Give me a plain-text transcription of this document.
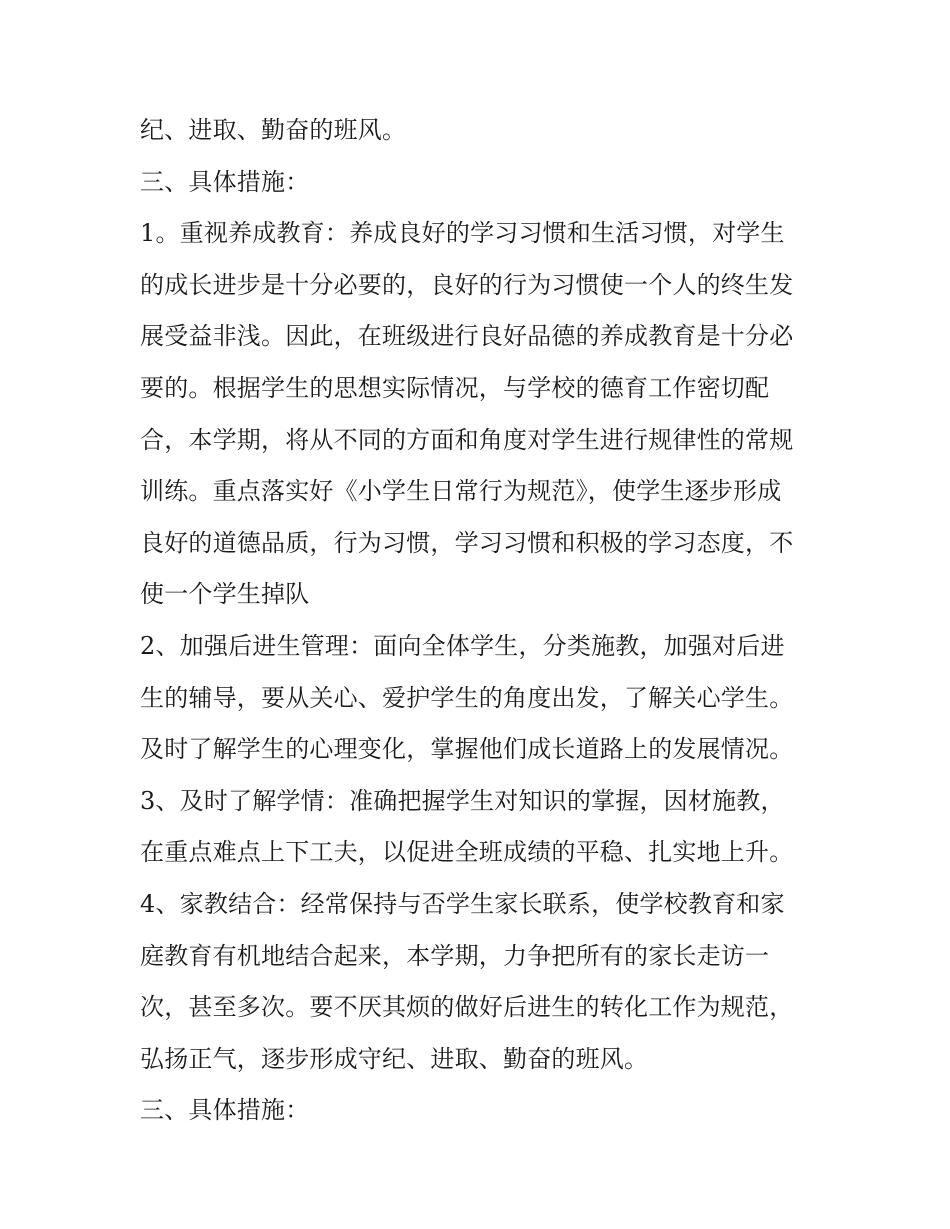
纪、进取、勤奋的班风。
三、具体措施：
1。重视养成教育：养成良好的学习习惯和生活习惯，对学生
的成长进步是十分必要的，良好的行为习惯使一个人的终生发
展受益非浅。因此，在班级进行良好品德的养成教育是十分必
要的。根据学生的思想实际情况，与学校的德育工作密切配
合，本学期，将从不同的方面和角度对学生进行规律性的常规
训练。重点落实好《小学生日常行为规范》，使学生逐步形成
良好的道德品质，行为习惯，学习习惯和积极的学习态度，不
使一个学生掉队
2、加强后进生管理：面向全体学生，分类施教，加强对后进
生的辅导，要从关心、爱护学生的角度出发，了解关心学生。
及时了解学生的心理变化，掌握他们成长道路上的发展情况。
3、及时了解学情：准确把握学生对知识的掌握，因材施教，
在重点难点上下工夫，以促进全班成绩的平稳、扎实地上升。
4、家教结合：经常保持与否学生家长联系，使学校教育和家
庭教育有机地结合起来，本学期，力争把所有的家长走访一
次，甚至多次。要不厌其烦的做好后进生的转化工作为规范，
弘扬正气，逐步形成守纪、进取、勤奋的班风。
三、具体措施：
